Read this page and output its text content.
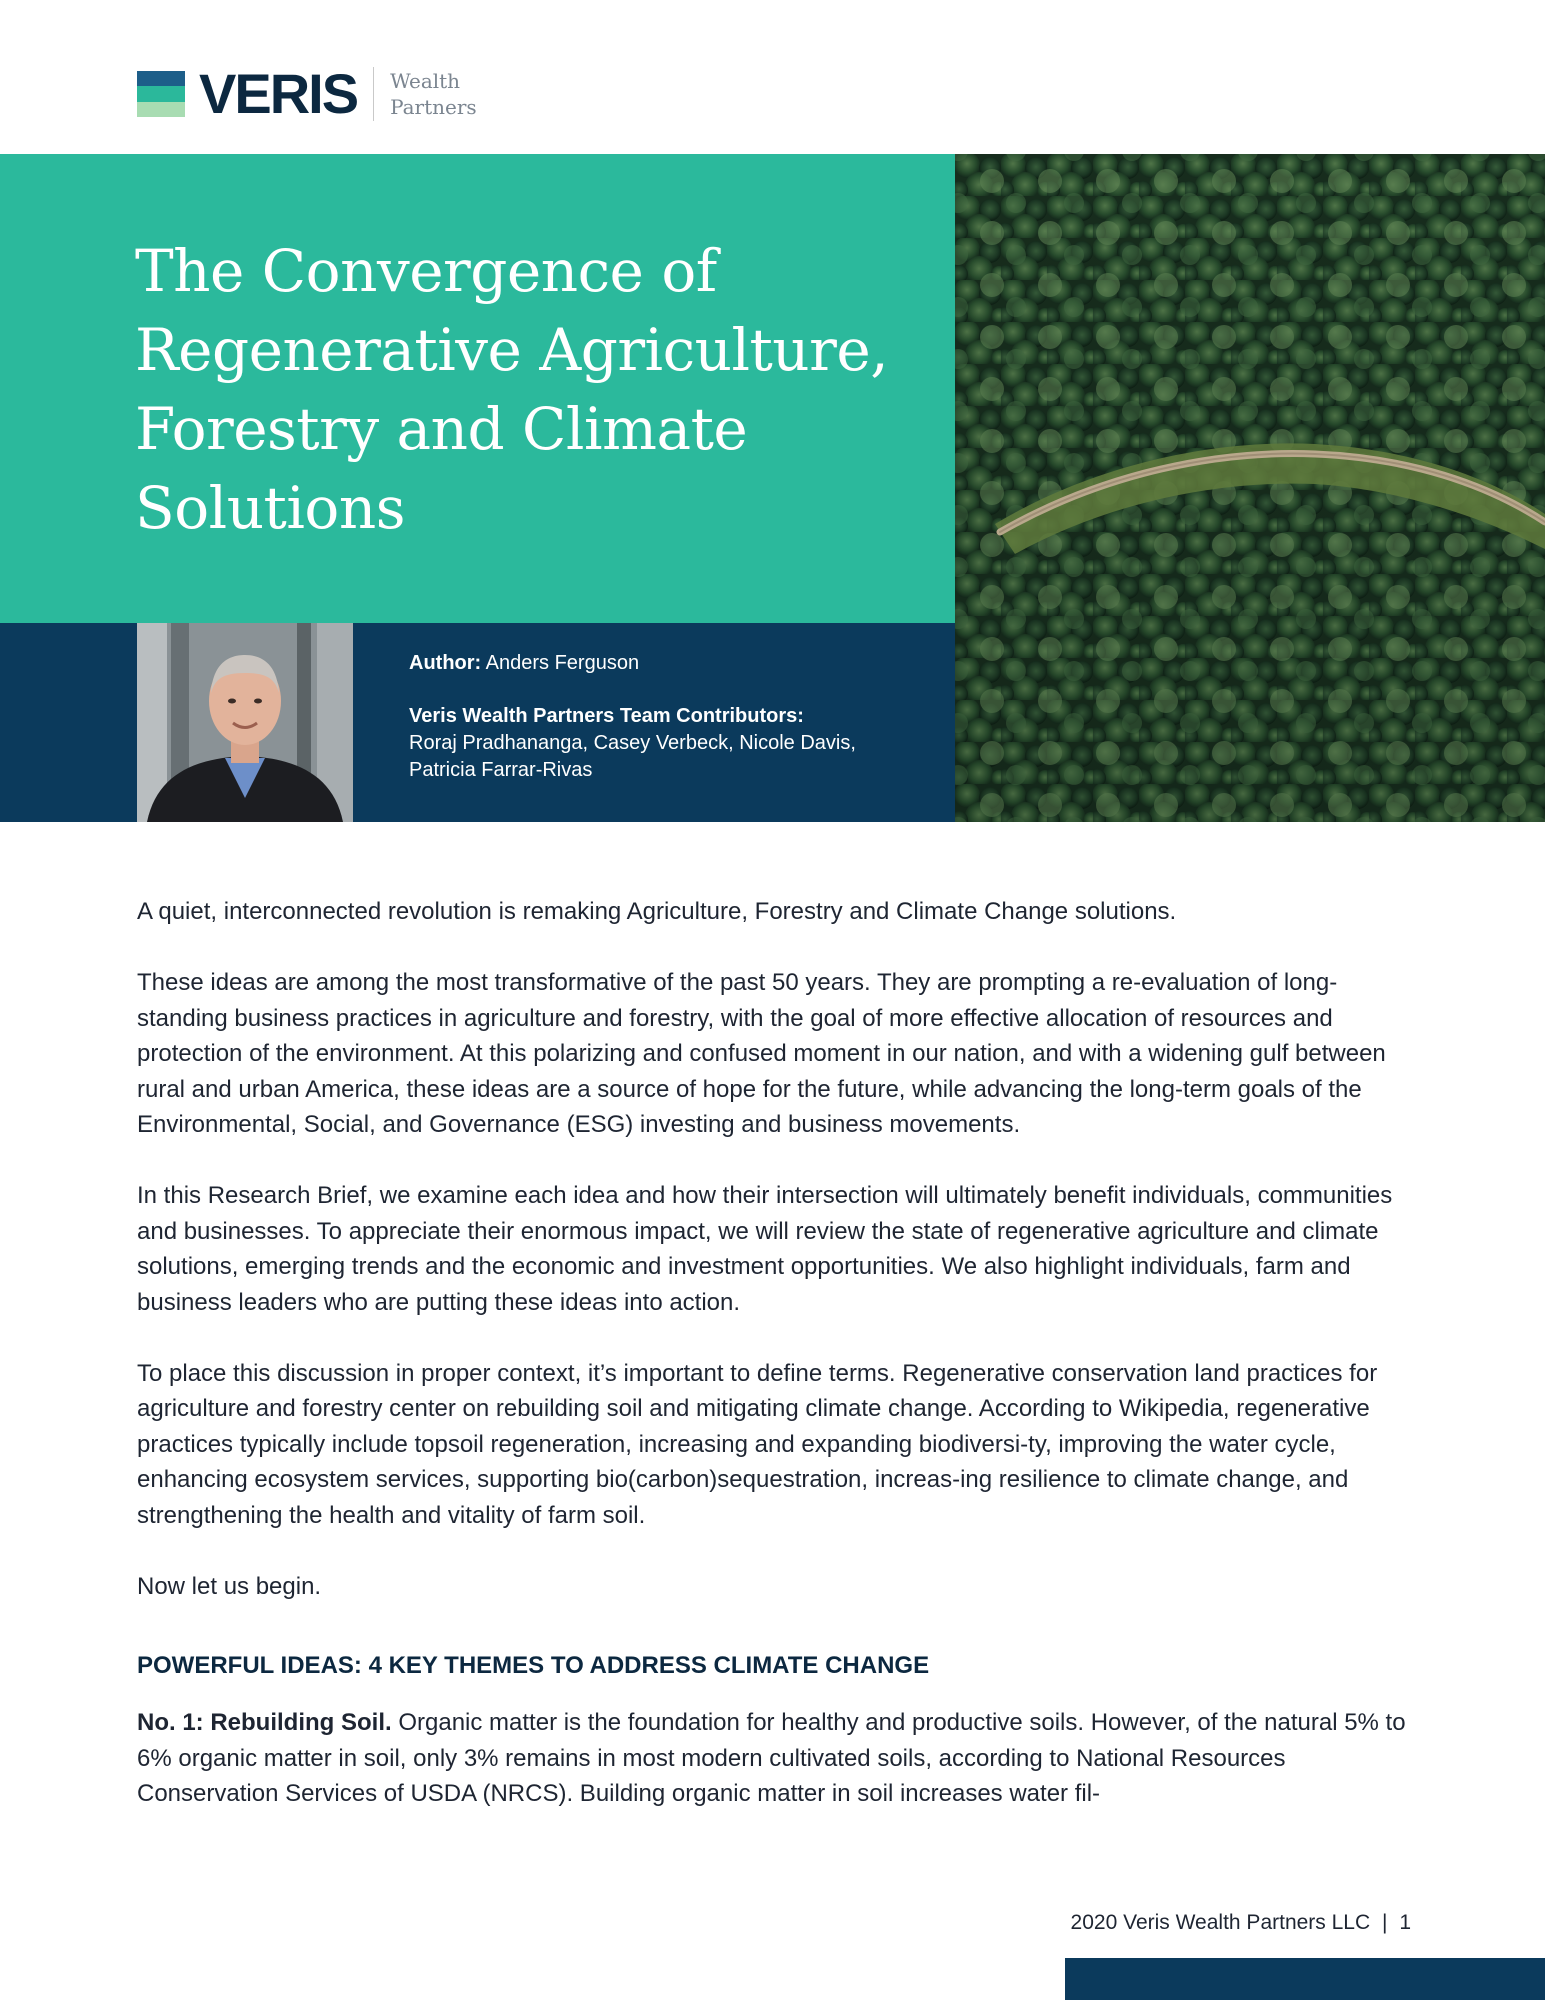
VERIS Wealth
Partners
The Convergence of Regenerative Agriculture, Forestry and Climate Solutions
Author: Anders Ferguson
Veris Wealth Partners Team Contributors:
Roraj Pradhananga, Casey Verbeck, Nicole Davis,
Patricia Farrar-Rivas

A quiet, interconnected revolution is remaking Agriculture, Forestry and Climate Change solutions.

These ideas are among the most transformative of the past 50 years. They are prompting a re-evaluation of long-standing business practices in agriculture and forestry, with the goal of more effective allocation of resources and protection of the environment. At this polarizing and confused moment in our nation, and with a widening gulf between rural and urban America, these ideas are a source of hope for the future, while advancing the long-term goals of the Environmental, Social, and Governance (ESG) investing and business movements.

In this Research Brief, we examine each idea and how their intersection will ultimately benefit individuals, communities and businesses. To appreciate their enormous impact, we will review the state of regenerative agriculture and climate solutions, emerging trends and the economic and investment opportunities. We also highlight individuals, farm and business leaders who are putting these ideas into action.

To place this discussion in proper context, it’s important to define terms. Regenerative conservation land practices for agriculture and forestry center on rebuilding soil and mitigating climate change. According to Wikipedia, regenerative practices typically include topsoil regeneration, increasing and expanding biodiversi-ty, improving the water cycle, enhancing ecosystem services, supporting bio(carbon)sequestration, increas-ing resilience to climate change, and strengthening the health and vitality of farm soil.

Now let us begin.

POWERFUL IDEAS: 4 KEY THEMES TO ADDRESS CLIMATE CHANGE

No. 1: Rebuilding Soil. Organic matter is the foundation for healthy and productive soils. However, of the natural 5% to 6% organic matter in soil, only 3% remains in most modern cultivated soils, according to National Resources Conservation Services of USDA (NRCS). Building organic matter in soil increases water fil-

2020 Veris Wealth Partners LLC | 1
